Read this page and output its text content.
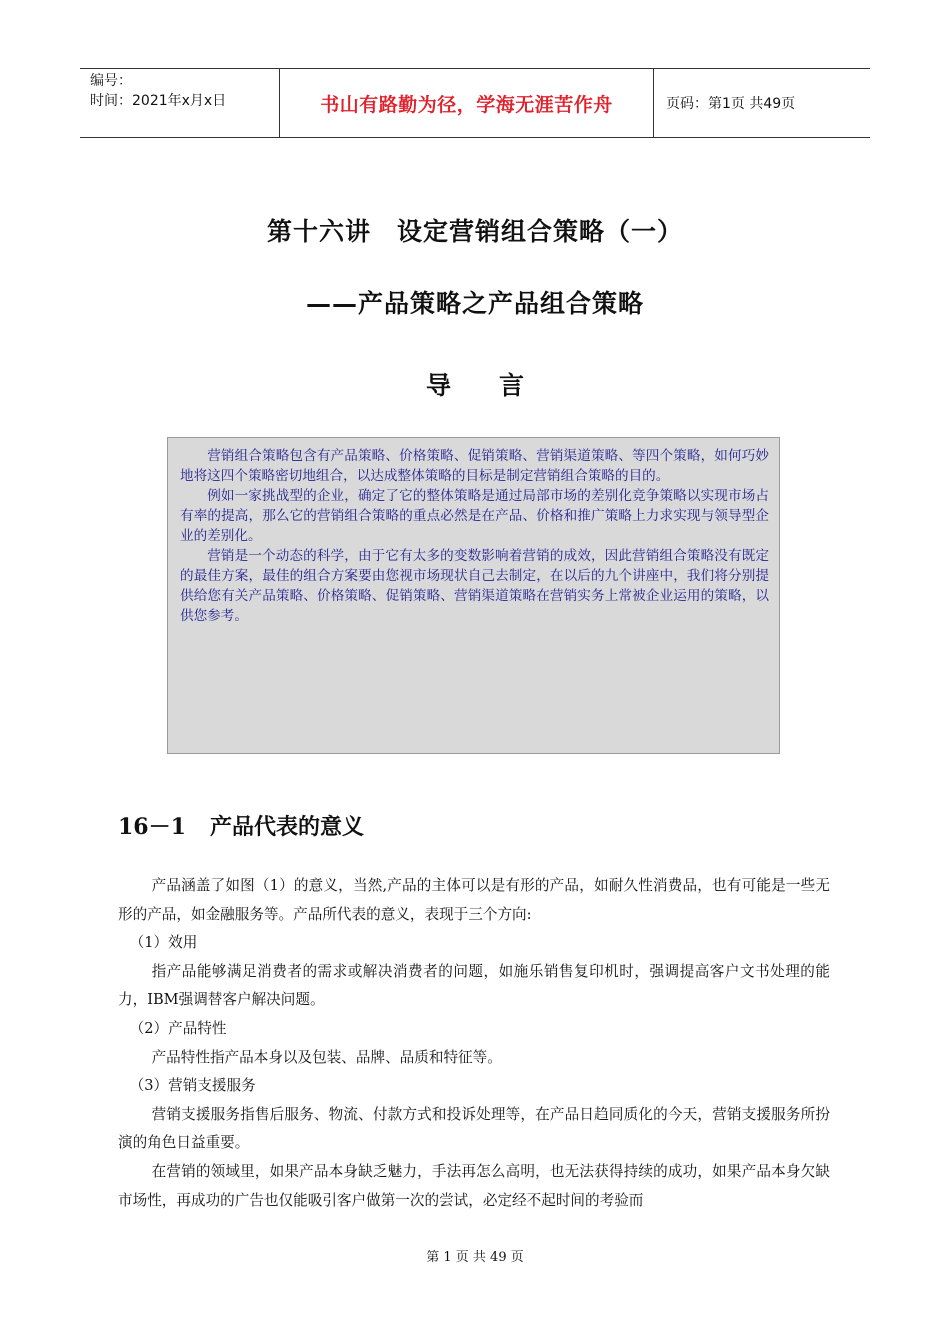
编号：
时间：2021年x月x日	书山有路勤为径，学海无涯苦作舟	页码：第1页 共49页
第十六讲　设定营销组合策略（一）
——产品策略之产品组合策略
导言

营销组合策略包含有产品策略、价格策略、促销策略、营销渠道策略、等四个策略，如何巧妙地将这四个策略密切地组合，以达成整体策略的目标是制定营销组合策略的目的。

例如一家挑战型的企业，确定了它的整体策略是通过局部市场的差别化竞争策略以实现市场占有率的提高，那么它的营销组合策略的重点必然是在产品、价格和推广策略上力求实现与领导型企业的差别化。

营销是一个动态的科学，由于它有太多的变数影响着营销的成效，因此营销组合策略没有既定的最佳方案，最佳的组合方案要由您视市场现状自己去制定，在以后的九个讲座中，我们将分别提供给您有关产品策略、价格策略、促销策略、营销渠道策略在营销实务上常被企业运用的策略，以供您参考。

16－1 产品代表的意义

产品涵盖了如图（1）的意义，当然,产品的主体可以是有形的产品，如耐久性消费品，也有可能是一些无形的产品，如金融服务等。产品所代表的意义，表现于三个方向:

（1）效用

指产品能够满足消费者的需求或解决消费者的问题，如施乐销售复印机时，强调提高客户文书处理的能力，IBM强调替客户解决问题。

（2）产品特性

产品特性指产品本身以及包装、品牌、品质和特征等。

（3）营销支援服务

营销支援服务指售后服务、物流、付款方式和投诉处理等，在产品日趋同质化的今天，营销支援服务所扮演的角色日益重要。

在营销的领域里，如果产品本身缺乏魅力，手法再怎么高明，也无法获得持续的成功，如果产品本身欠缺市场性，再成功的广告也仅能吸引客户做第一次的尝试，必定经不起时间的考验而

第 1 页 共 49 页
